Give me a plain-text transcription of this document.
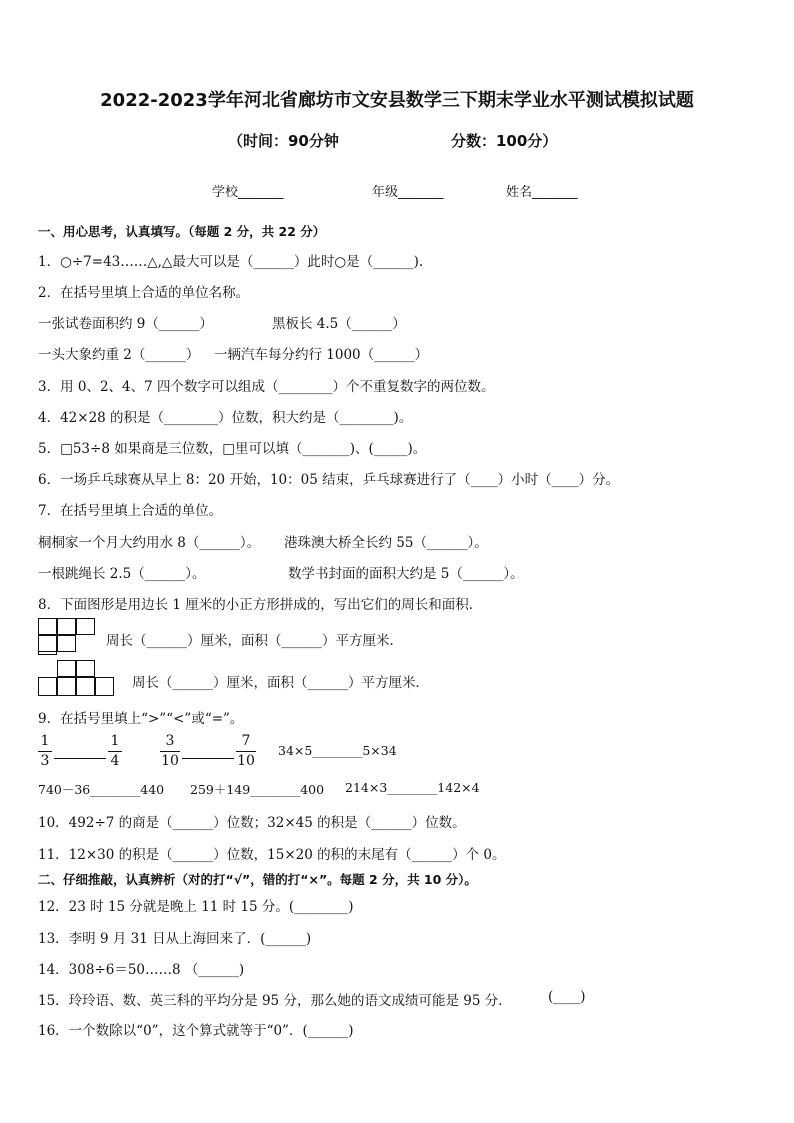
2022-2023学年河北省廊坊市文安县数学三下期末学业水平测试模拟试题
（时间：90分钟	分数：100分）
学校_______	年级_______	姓名_______
一、用心思考，认真填写。（每题 2 分，共 22 分）
1．○÷7=43……△,△最大可以是（______）此时○是（______).
2．在括号里填上合适的单位名称。
一张试卷面积约 9（______）	黑板长 4.5（______）
一头大象约重 2（______） 一辆汽车每分约行 1000（______）
3．用 0、2、4、7 四个数字可以组成（________）个不重复数字的两位数。
4．42×28 的积是（________）位数，积大约是（________)。
5．□53÷8 如果商是三位数，□里可以填（_______)、(_____)。
6．一场乒乓球赛从早上 8：20 开始，10：05 结束，乒乓球赛进行了（____）小时（____）分。
7．在括号里填上合适的单位。
桐桐家一个月大约用水 8（______）。 港珠澳大桥全长约 55（______）。
一根跳绳长 2.5（______）。	数学书封面的面积大约是 5（______）。
8．下面图形是用边长 1 厘米的小正方形拼成的，写出它们的周长和面积．
周长（______）厘米，面积（______）平方厘米．
周长（______）厘米，面积（______）平方厘米．
9．在括号里填上“>”“<”或“=”。
$\frac{1}{3}$	$\frac{1}{4}$	$\frac{3}{10}$	$\frac{7}{10}$ 34×5________5×34
740－36________440 259＋149________400 214×3________142×4
10．492÷7 的商是（______）位数；32×45 的积是（______）位数。
11．12×30 的积是（______）位数，15×20 的积的末尾有（______）个 0。
二、仔细推敲，认真辨析（对的打“√”，错的打“×”。每题 2 分，共 10 分）。
12．23 时 15 分就是晚上 11 时 15 分。(________)
13．李明 9 月 31 日从上海回来了．(______)
14．308÷6＝50……8 （______)
15．玲玲语、数、英三科的平均分是 95 分，那么她的语文成绩可能是 95 分．	(____)
16．一个数除以“0”，这个算式就等于“0”．(______)
